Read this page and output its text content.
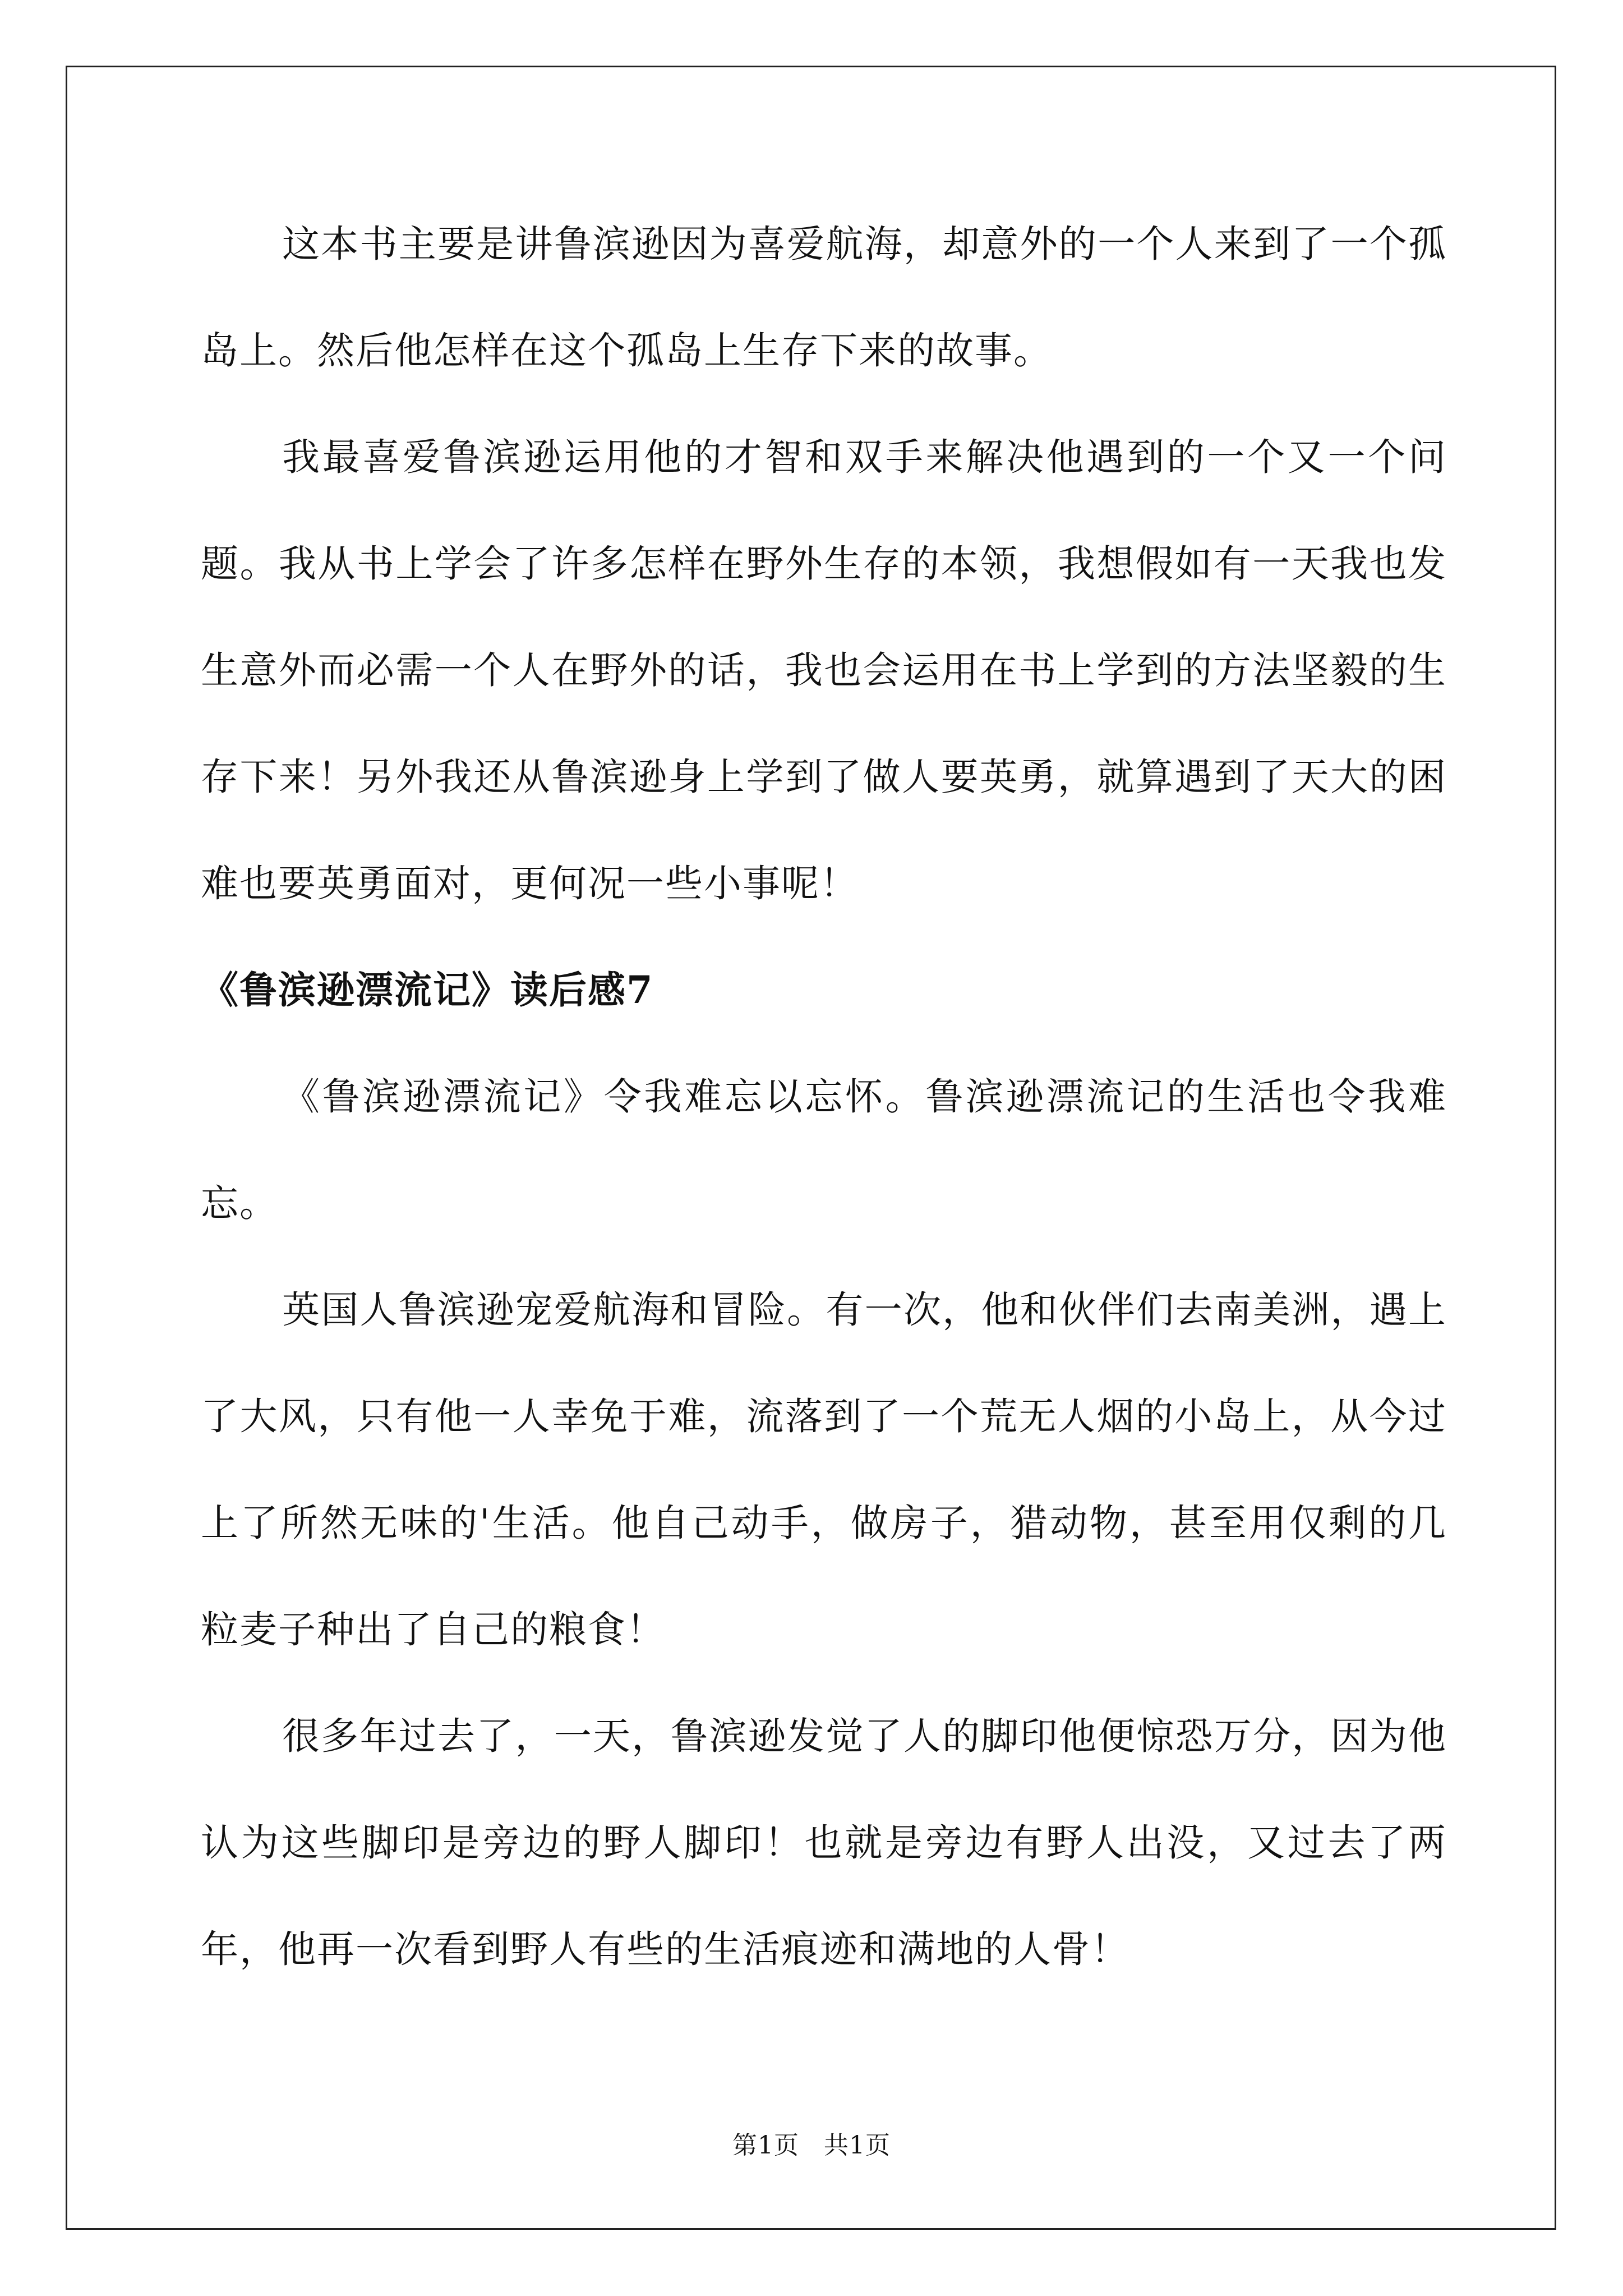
这本书主要是讲鲁滨逊因为喜爱航海，却意外的一个人来到了一个孤岛上。然后他怎样在这个孤岛上生存下来的故事。

我最喜爱鲁滨逊运用他的才智和双手来解决他遇到的一个又一个问题。我从书上学会了许多怎样在野外生存的本领，我想假如有一天我也发生意外而必需一个人在野外的话，我也会运用在书上学到的方法坚毅的生存下来！另外我还从鲁滨逊身上学到了做人要英勇，就算遇到了天大的困难也要英勇面对，更何况一些小事呢！

《鲁滨逊漂流记》读后感7

《鲁滨逊漂流记》令我难忘以忘怀。鲁滨逊漂流记的生活也令我难忘。

英国人鲁滨逊宠爱航海和冒险。有一次，他和伙伴们去南美洲，遇上了大风，只有他一人幸免于难，流落到了一个荒无人烟的小岛上，从今过上了所然无味的'生活。他自己动手，做房子，猎动物，甚至用仅剩的几粒麦子种出了自己的粮食！

很多年过去了，一天，鲁滨逊发觉了人的脚印他便惊恐万分，因为他认为这些脚印是旁边的野人脚印！也就是旁边有野人出没，又过去了两年，他再一次看到野人有些的生活痕迹和满地的人骨！

第1页 共1页
